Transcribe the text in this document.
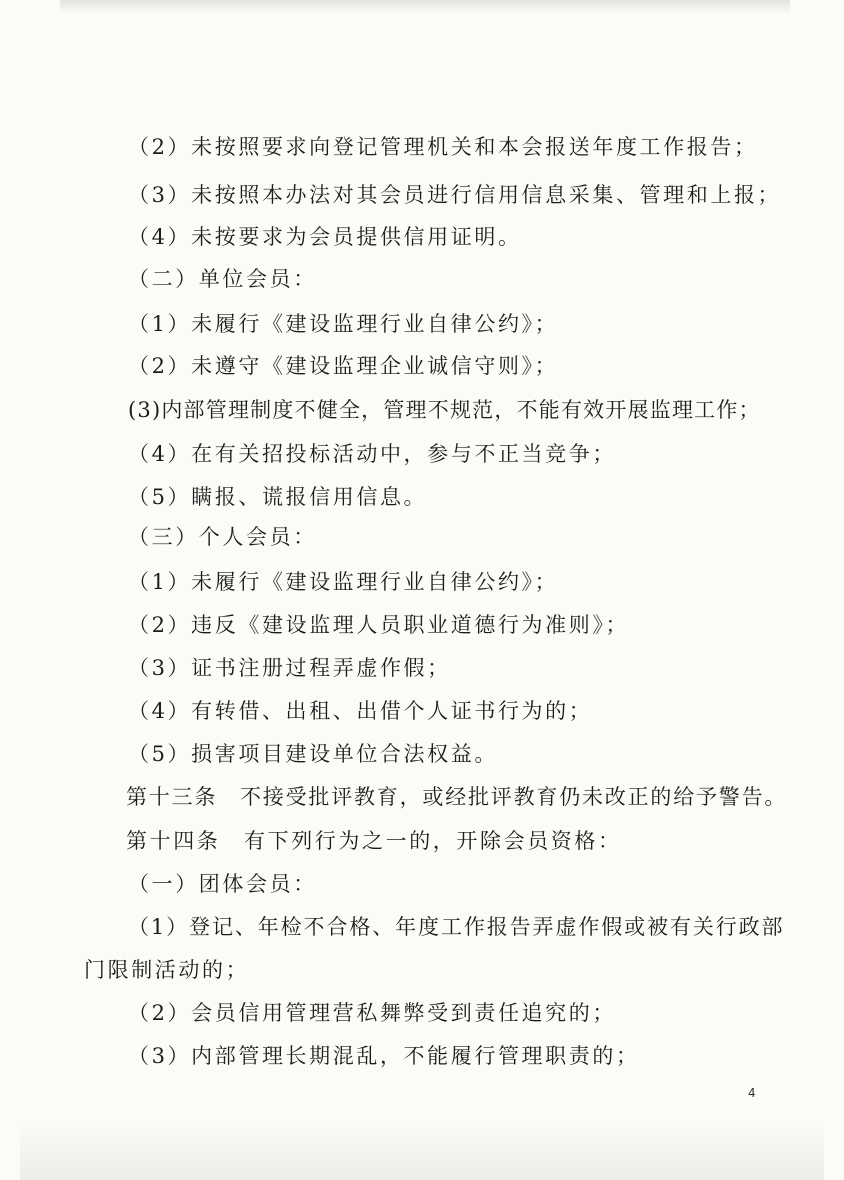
（2）未按照要求向登记管理机关和本会报送年度工作报告；
（3）未按照本办法对其会员进行信用信息采集、管理和上报；
（4）未按要求为会员提供信用证明。
（二）单位会员：
（1）未履行《建设监理行业自律公约》；
（2）未遵守《建设监理企业诚信守则》；
(3)内部管理制度不健全，管理不规范，不能有效开展监理工作；
（4）在有关招投标活动中，参与不正当竞争；
（5）瞒报、谎报信用信息。
（三）个人会员：
（1）未履行《建设监理行业自律公约》；
（2）违反《建设监理人员职业道德行为准则》；
（3）证书注册过程弄虚作假；
（4）有转借、出租、出借个人证书行为的；
（5）损害项目建设单位合法权益。
第十三条　不接受批评教育，或经批评教育仍未改正的给予警告。
第十四条　有下列行为之一的，开除会员资格：
（一）团体会员：
（1）登记、年检不合格、年度工作报告弄虚作假或被有关行政部
门限制活动的；
（2）会员信用管理营私舞弊受到责任追究的；
（3）内部管理长期混乱，不能履行管理职责的；
4
